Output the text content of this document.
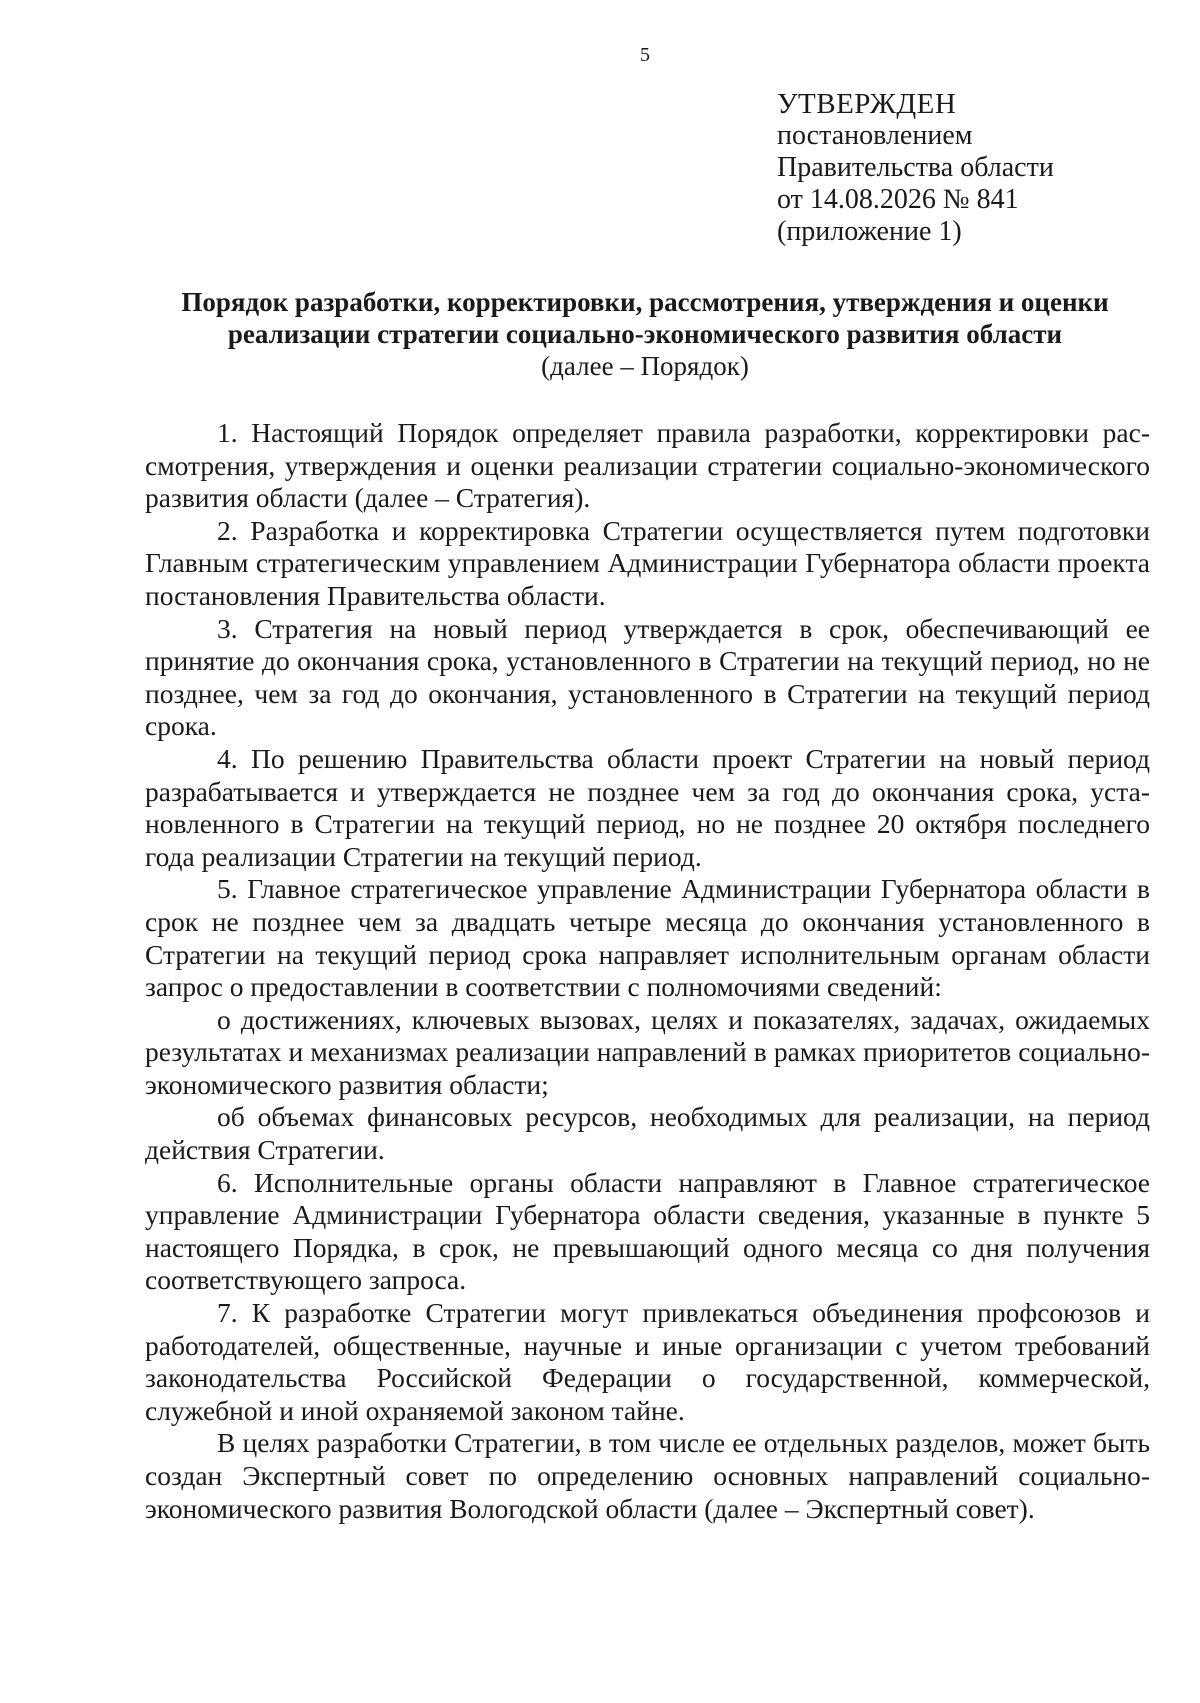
5
УТВЕРЖДЕН
постановлением
Правительства области
от 14.08.2026 № 841
(приложение 1)
Порядок разработки, корректировки, рассмотрения, утверждения и оценки
реализации стратегии социально-экономического развития области
(далее – Порядок)

1. Настоящий Порядок определяет правила разработки, корректировки рассмотрения, утверждения и оценки реализации стратегии социально-экономического развития области (далее – Стратегия).

2. Разработка и корректировка Стратегии осуществляется путем подготовки Главным стратегическим управлением Администрации Губернатора области проекта постановления Правительства области.

3. Стратегия на новый период утверждается в срок, обеспечивающий ее принятие до окончания срока, установленного в Стратегии на текущий период, но не позднее, чем за год до окончания, установленного в Стратегии на текущий период срока.

4. По решению Правительства области проект Стратегии на новый период разрабатывается и утверждается не позднее чем за год до окончания срока, установленного в Стратегии на текущий период, но не позднее 20 октября последнего года реализации Стратегии на текущий период.

5. Главное стратегическое управление Администрации Губернатора области в срок не позднее чем за двадцать четыре месяца до окончания установленного в Стратегии на текущий период срока направляет исполнительным органам области запрос о предоставлении в соответствии с полномочиями сведений:

о достижениях, ключевых вызовах, целях и показателях, задачах, ожидаемых результатах и механизмах реализации направлений в рамках приоритетов социально-экономического развития области;

об объемах финансовых ресурсов, необходимых для реализации, на период действия Стратегии.

6. Исполнительные органы области направляют в Главное стратегическое управление Администрации Губернатора области сведения, указанные в пункте 5 настоящего Порядка, в срок, не превышающий одного месяца со дня получения соответствующего запроса.

7. К разработке Стратегии могут привлекаться объединения профсоюзов и работодателей, общественные, научные и иные организации с учетом требований законодательства Российской Федерации о государственной, коммерческой, служебной и иной охраняемой законом тайне.

В целях разработки Стратегии, в том числе ее отдельных разделов, может быть создан Экспертный совет по определению основных направлений социально-экономического развития Вологодской области (далее – Экспертный совет).
